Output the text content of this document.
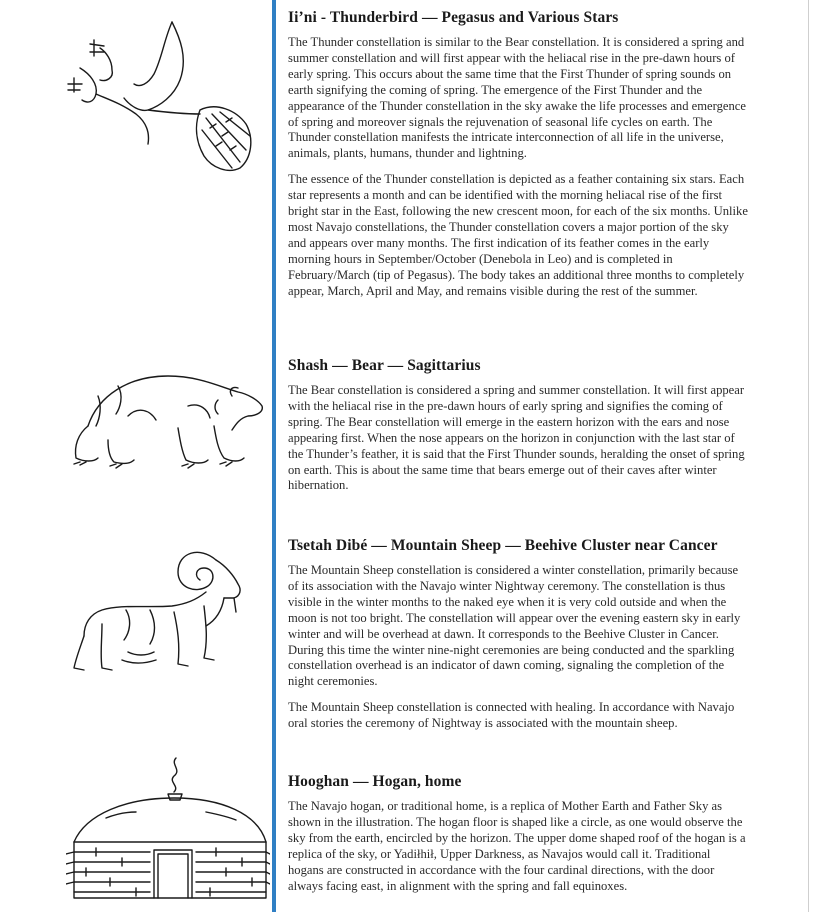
Ii’ni - Thunderbird — Pegasus and Various Stars

The Thunder constellation is similar to the Bear constellation. It is considered a spring and summer constellation and will first appear with the heliacal rise in the pre-dawn hours of early spring. This occurs about the same time that the First Thunder of spring sounds on earth signifying the coming of spring. The emergence of the First Thunder and the appearance of the Thunder constellation in the sky awake the life processes and emergence of spring and moreover signals the rejuvenation of seasonal life cycles on earth. The Thunder constellation manifests the intricate interconnection of all life in the universe, animals, plants, humans, thunder and lightning.

The essence of the Thunder constellation is depicted as a feather containing six stars. Each star represents a month and can be identified with the morning heliacal rise of the first bright star in the East, following the new crescent moon, for each of the six months. Unlike most Navajo constellations, the Thunder constellation covers a major portion of the sky and appears over many months. The first indication of its feather comes in the early morning hours in September/October (Denebola in Leo) and is completed in February/March (tip of Pegasus). The body takes an additional three months to completely appear, March, April and May, and remains visible during the rest of the summer.

Shash — Bear — Sagittarius

The Bear constellation is considered a spring and summer constellation. It will first appear with the heliacal rise in the pre-dawn hours of early spring and signifies the coming of spring. The Bear constellation will emerge in the eastern horizon with the ears and nose appearing first. When the nose appears on the horizon in conjunction with the last star of the Thunder’s feather, it is said that the First Thunder sounds, heralding the onset of spring on earth. This is about the same time that bears emerge out of their caves after winter hibernation.

Tsetah Dibé — Mountain Sheep — Beehive Cluster near Cancer

The Mountain Sheep constellation is considered a winter constellation, primarily because of its association with the Navajo winter Nightway ceremony. The constellation is thus visible in the winter months to the naked eye when it is very cold outside and when the moon is not too bright. The constellation will appear over the evening eastern sky in early winter and will be overhead at dawn. It corresponds to the Beehive Cluster in Cancer. During this time the winter nine-night ceremonies are being conducted and the sparkling constellation overhead is an indicator of dawn coming, signaling the completion of the night ceremonies.

The Mountain Sheep constellation is connected with healing. In accordance with Navajo oral stories the ceremony of Nightway is associated with the mountain sheep.

Hooghan — Hogan, home

The Navajo hogan, or traditional home, is a replica of Mother Earth and Father Sky as shown in the illustration. The hogan floor is shaped like a circle, as one would observe the sky from the earth, encircled by the horizon. The upper dome shaped roof of the hogan is a replica of the sky, or Yadiłhił, Upper Darkness, as Navajos would call it. Traditional hogans are constructed in accordance with the four cardinal directions, with the door always facing east, in alignment with the spring and fall equinoxes.
